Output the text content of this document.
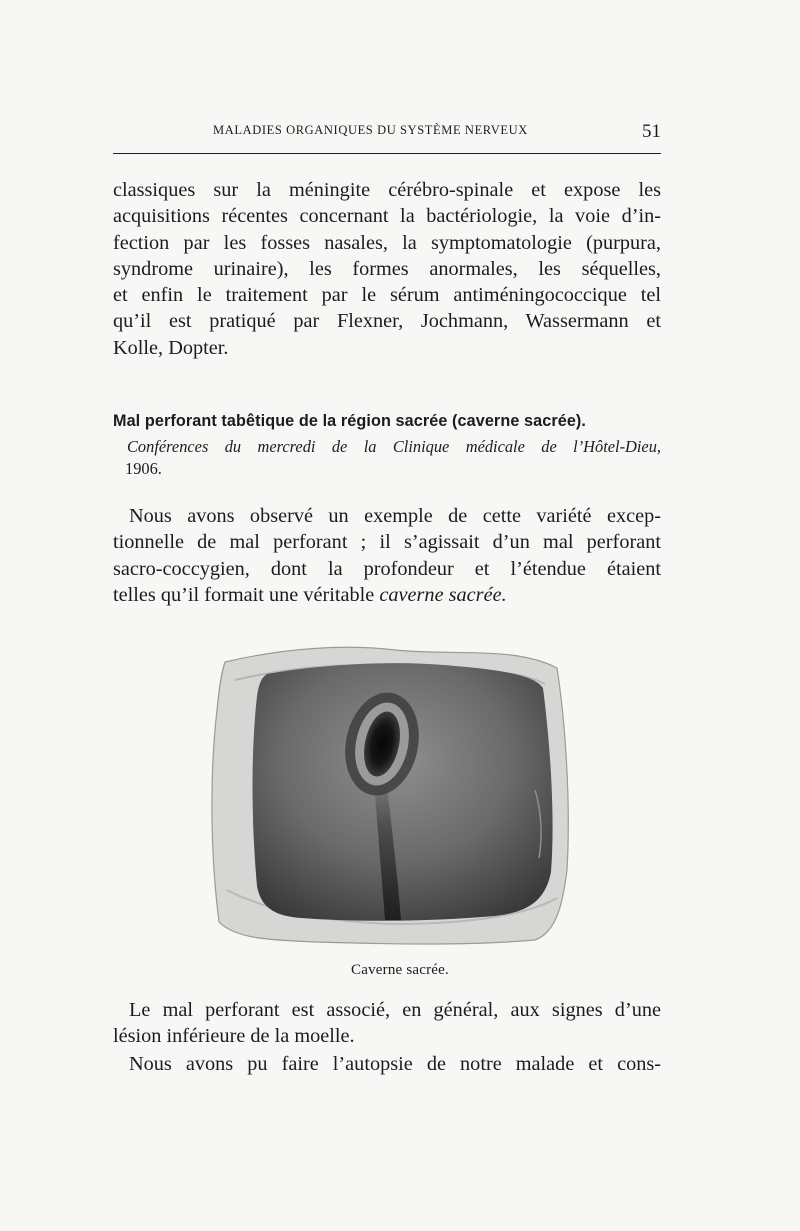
MALADIES ORGANIQUES DU SYSTÈME NERVEUX	51
classiques sur la méningite cérébro-spinale et expose les
acquisitions récentes concernant la bactériologie, la voie d’in-
fection par les fosses nasales, la symptomatologie (purpura,
syndrome urinaire), les formes anormales, les séquelles,
et enfin le traitement par le sérum antiméningococcique tel
qu’il est pratiqué par Flexner, Jochmann, Wassermann et
Kolle, Dopter.
Mal perforant tabêtique de la région sacrée (caverne sacrée).
Conférences du mercredi de la Clinique médicale de l’Hôtel-Dieu,
1906.
Nous avons observé un exemple de cette variété excep-
tionnelle de mal perforant ; il s’agissait d’un mal perforant
sacro-coccygien, dont la profondeur et l’étendue étaient
telles qu’il formait une véritable caverne sacrée.
Caverne sacrée.
Le mal perforant est associé, en général, aux signes d’une
lésion inférieure de la moelle.
Nous avons pu faire l’autopsie de notre malade et cons-
